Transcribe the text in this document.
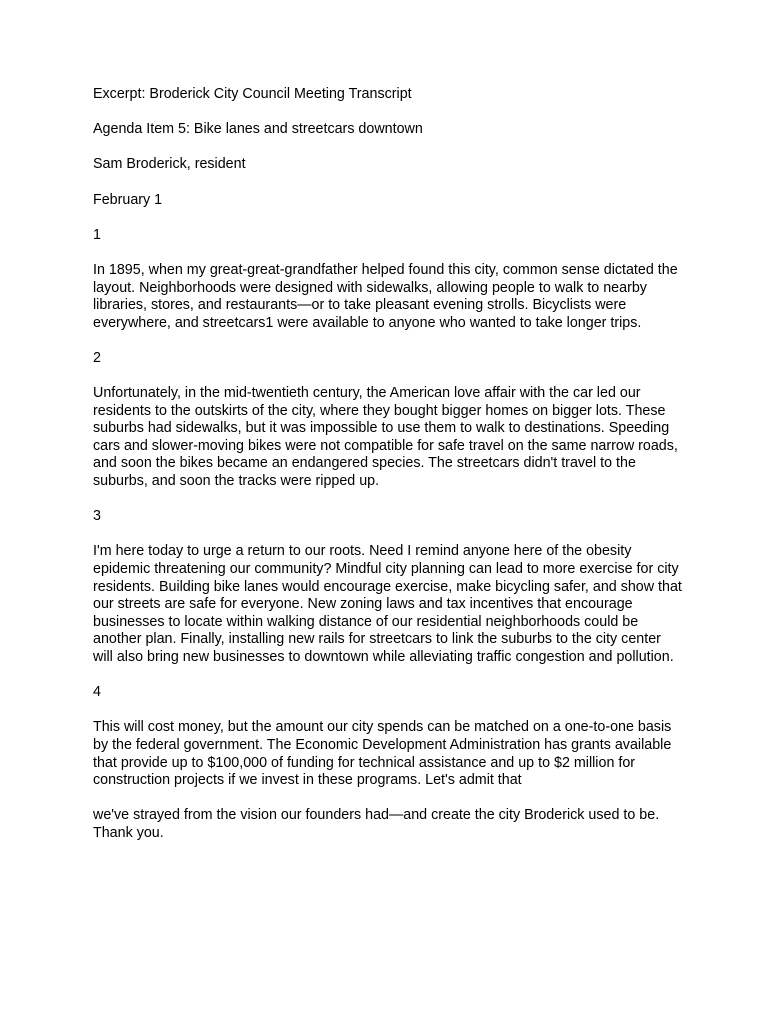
Excerpt: Broderick City Council Meeting Transcript

Agenda Item 5: Bike lanes and streetcars downtown

Sam Broderick, resident

February 1

1

In 1895, when my great-great-grandfather helped found this city, common sense dictated the layout. Neighborhoods were designed with sidewalks, allowing people to walk to nearby libraries, stores, and restaurants—or to take pleasant evening strolls. Bicyclists were everywhere, and streetcars1 were available to anyone who wanted to take longer trips.

2

Unfortunately, in the mid-twentieth century, the American love affair with the car led our residents to the outskirts of the city, where they bought bigger homes on bigger lots. These suburbs had sidewalks, but it was impossible to use them to walk to destinations. Speeding cars and slower-moving bikes were not compatible for safe travel on the same narrow roads, and soon the bikes became an endangered species. The streetcars didn't travel to the suburbs, and soon the tracks were ripped up.

3

I'm here today to urge a return to our roots. Need I remind anyone here of the obesity epidemic threatening our community? Mindful city planning can lead to more exercise for city residents. Building bike lanes would encourage exercise, make bicycling safer, and show that our streets are safe for everyone. New zoning laws and tax incentives that encourage businesses to locate within walking distance of our residential neighborhoods could be another plan. Finally, installing new rails for streetcars to link the suburbs to the city center will also bring new businesses to downtown while alleviating traffic congestion and pollution.

4

This will cost money, but the amount our city spends can be matched on a one-to-one basis by the federal government. The Economic Development Administration has grants available that provide up to $100,000 of funding for technical assistance and up to $2 million for construction projects if we invest in these programs. Let's admit that

we've strayed from the vision our founders had—and create the city Broderick used to be. Thank you.
